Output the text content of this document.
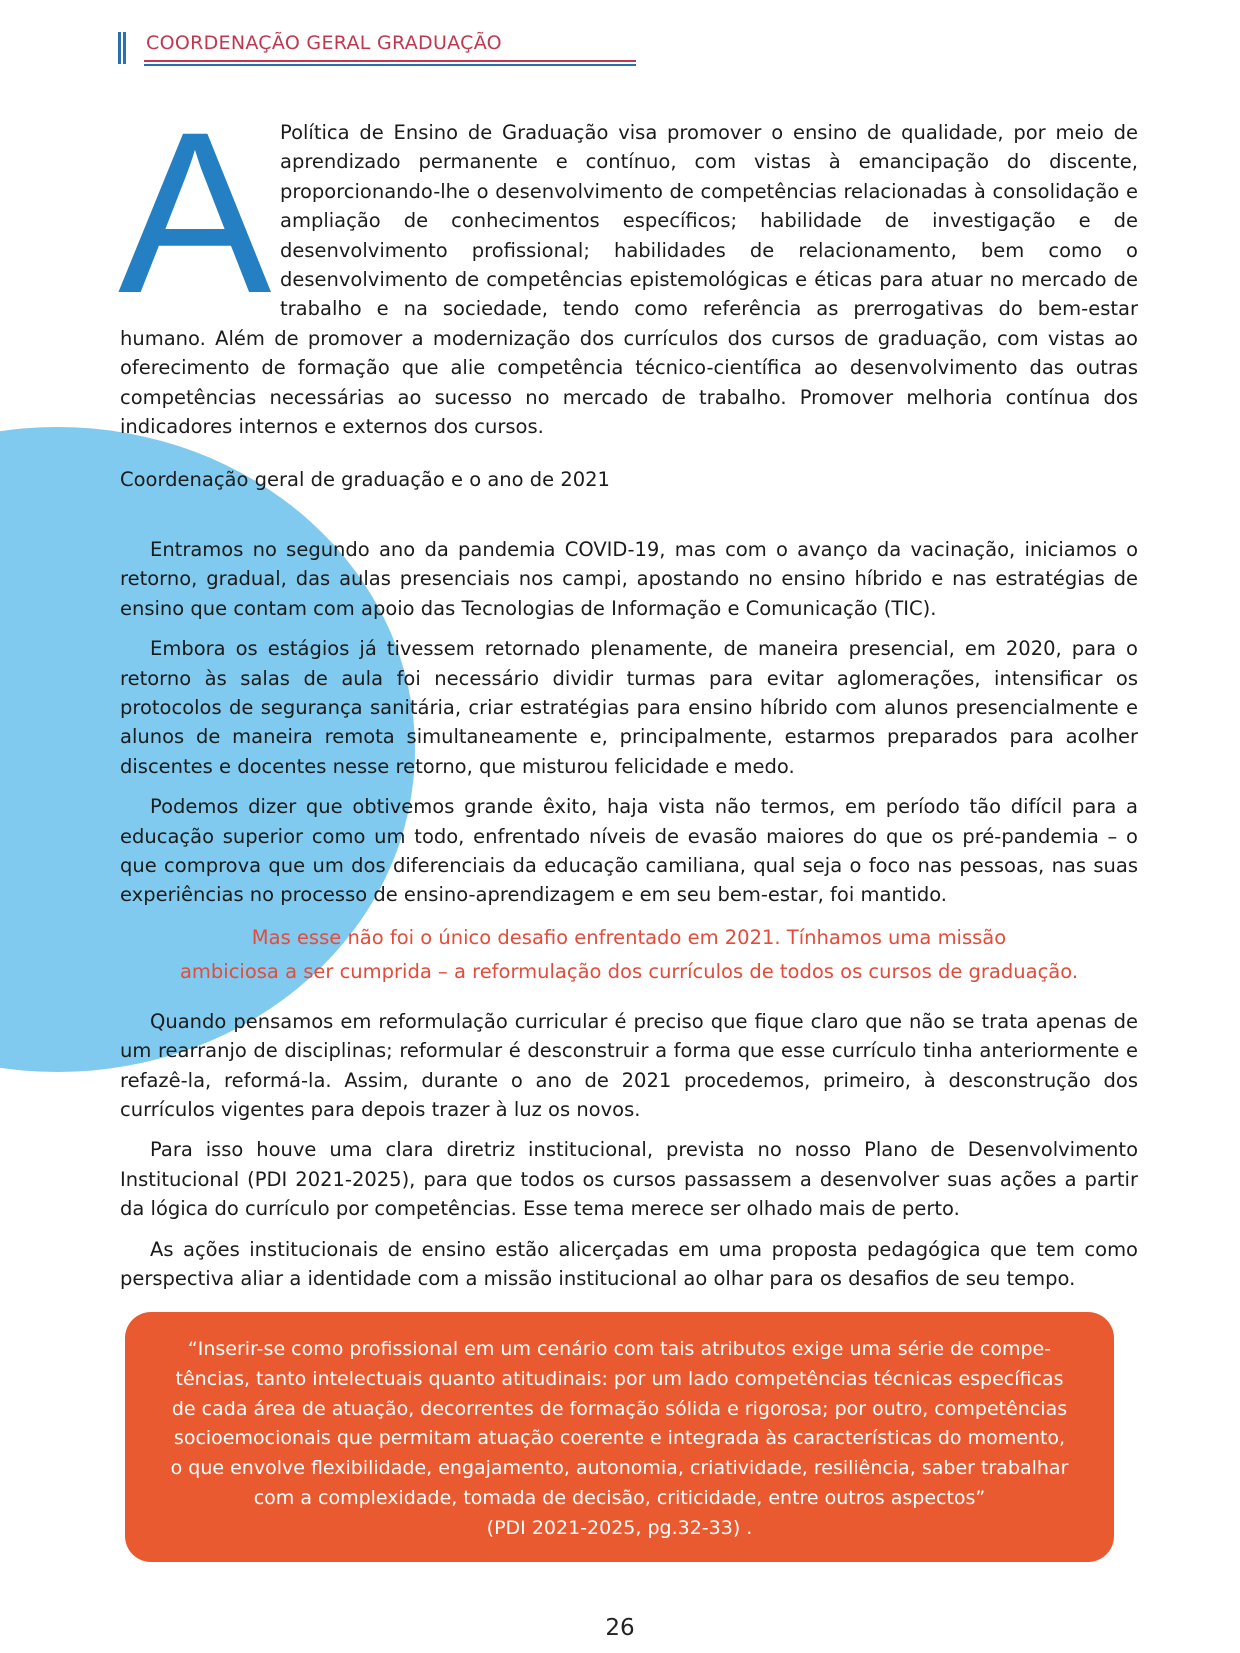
COORDENAÇÃO GERAL GRADUAÇÃO

A Política de Ensino de Graduação visa promover o ensino de qualidade, por meio de aprendizado permanente e contínuo, com vistas à emancipação do discente, proporcionando-lhe o desenvolvimento de competências relacionadas à consolidação e ampliação de conhecimentos específicos; habilidade de investigação e de desenvolvimento profissional; habilidades de relacionamento, bem como o desenvolvimento de competências epistemológicas e éticas para atuar no mercado de trabalho e na sociedade, tendo como referência as prerrogativas do bem-estar humano. Além de promover a modernização dos currículos dos cursos de graduação, com vistas ao oferecimento de formação que alie competência técnico-científica ao desenvolvimento das outras competências necessárias ao sucesso no mercado de trabalho. Promover melhoria contínua dos indicadores internos e externos dos cursos.

Coordenação geral de graduação e o ano de 2021

Entramos no segundo ano da pandemia COVID-19, mas com o avanço da vacinação, iniciamos o retorno, gradual, das aulas presenciais nos campi, apostando no ensino híbrido e nas estratégias de ensino que contam com apoio das Tecnologias de Informação e Comunicação (TIC).

Embora os estágios já tivessem retornado plenamente, de maneira presencial, em 2020, para o retorno às salas de aula foi necessário dividir turmas para evitar aglomerações, intensificar os protocolos de segurança sanitária, criar estratégias para ensino híbrido com alunos presencialmente e alunos de maneira remota simultaneamente e, principalmente, estarmos preparados para acolher discentes e docentes nesse retorno, que misturou felicidade e medo.

Podemos dizer que obtivemos grande êxito, haja vista não termos, em período tão difícil para a educação superior como um todo, enfrentado níveis de evasão maiores do que os pré-pandemia – o que comprova que um dos diferenciais da educação camiliana, qual seja o foco nas pessoas, nas suas experiências no processo de ensino-aprendizagem e em seu bem-estar, foi mantido.

Mas esse não foi o único desafio enfrentado em 2021. Tínhamos uma missão
ambiciosa a ser cumprida – a reformulação dos currículos de todos os cursos de graduação.

Quando pensamos em reformulação curricular é preciso que fique claro que não se trata apenas de um rearranjo de disciplinas; reformular é desconstruir a forma que esse currículo tinha anteriormente e refazê-la, reformá-la. Assim, durante o ano de 2021 procedemos, primeiro, à desconstrução dos currículos vigentes para depois trazer à luz os novos.

Para isso houve uma clara diretriz institucional, prevista no nosso Plano de Desenvolvimento Institucional (PDI 2021-2025), para que todos os cursos passassem a desenvolver suas ações a partir da lógica do currículo por competências. Esse tema merece ser olhado mais de perto.

As ações institucionais de ensino estão alicerçadas em uma proposta pedagógica que tem como perspectiva aliar a identidade com a missão institucional ao olhar para os desafios de seu tempo.

“Inserir-se como profissional em um cenário com tais atributos exige uma série de compe-
tências, tanto intelectuais quanto atitudinais: por um lado competências técnicas específicas
de cada área de atuação, decorrentes de formação sólida e rigorosa; por outro, competências
socioemocionais que permitam atuação coerente e integrada às características do momento,
o que envolve flexibilidade, engajamento, autonomia, criatividade, resiliência, saber trabalhar
com a complexidade, tomada de decisão, criticidade, entre outros aspectos”
(PDI 2021-2025, pg.32-33) .
26
